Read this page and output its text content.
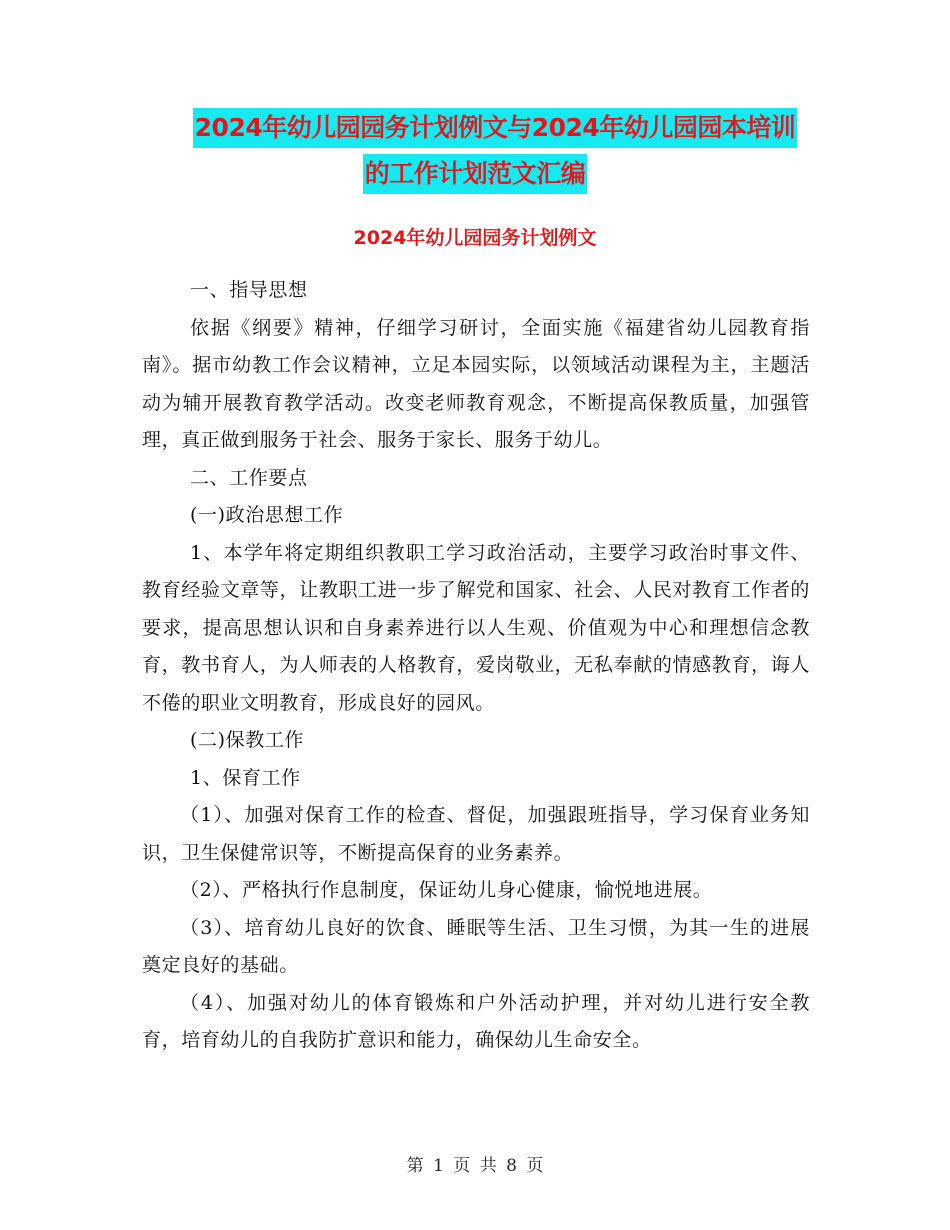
2024年幼儿园园务计划例文与2024年幼儿园园本培训
的工作计划范文汇编
2024年幼儿园园务计划例文

一、指导思想

依据《纲要》精神，仔细学习研讨，全面实施《福建省幼儿园教育指南》。据市幼教工作会议精神，立足本园实际，以领域活动课程为主，主题活动为辅开展教育教学活动。改变老师教育观念，不断提高保教质量，加强管理，真正做到服务于社会、服务于家长、服务于幼儿。

二、工作要点

(一)政治思想工作

1、本学年将定期组织教职工学习政治活动，主要学习政治时事文件、教育经验文章等，让教职工进一步了解党和国家、社会、人民对教育工作者的要求，提高思想认识和自身素养进行以人生观、价值观为中心和理想信念教育，教书育人，为人师表的人格教育，爱岗敬业，无私奉献的情感教育，诲人不倦的职业文明教育，形成良好的园风。

(二)保教工作

1、保育工作

（1）、加强对保育工作的检查、督促，加强跟班指导，学习保育业务知识，卫生保健常识等，不断提高保育的业务素养。

（2）、严格执行作息制度，保证幼儿身心健康，愉悦地进展。

（3）、培育幼儿良好的饮食、睡眠等生活、卫生习惯，为其一生的进展奠定良好的基础。

（4）、加强对幼儿的体育锻炼和户外活动护理，并对幼儿进行安全教育，培育幼儿的自我防扩意识和能力，确保幼儿生命安全。

第 1 页 共 8 页
